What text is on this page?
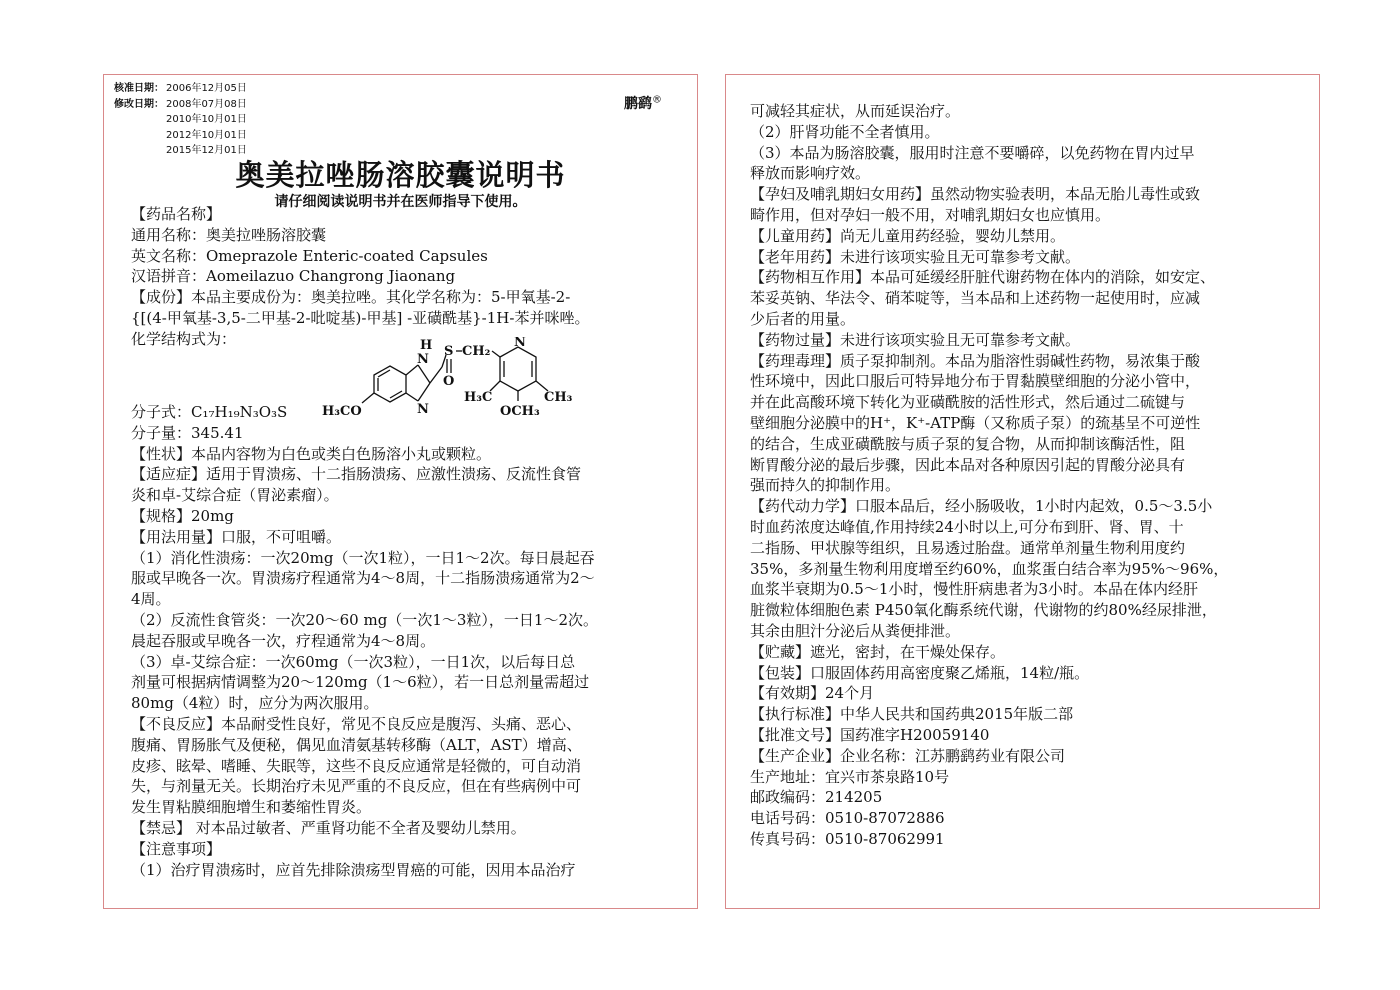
核准日期： 2006年12月05日
修改日期： 2008年07月08日
2010年10月01日
2012年10月01日
2015年12月01日
鹏鹞®
奥美拉唑肠溶胶囊说明书
请仔细阅读说明书并在医师指导下使用。
【药品名称】
通用名称：奥美拉唑肠溶胶囊
英文名称：Omeprazole Enteric-coated Capsules
汉语拼音：Aomeilazuo Changrong Jiaonang
【成份】本品主要成份为：奥美拉唑。其化学名称为：5-甲氧基-2-
{[(4-甲氧基-3,5-二甲基-2-吡啶基)-甲基] -亚磺酰基}-1H-苯并咪唑。
化学结构式为：	H
N
S CH₂
N
O
N
H₃C	CH₃
OCH₃
H₃CO
分子式：C₁₇H₁₉N₃O₃S
分子量：345.41
【性状】本品内容物为白色或类白色肠溶小丸或颗粒。
【适应症】适用于胃溃疡、十二指肠溃疡、应激性溃疡、反流性食管
炎和卓-艾综合症（胃泌素瘤）。
【规格】20mg
【用法用量】口服，不可咀嚼。
（1）消化性溃疡：一次20mg（一次1粒），一日1～2次。每日晨起吞
服或早晚各一次。胃溃疡疗程通常为4～8周，十二指肠溃疡通常为2～
4周。
（2）反流性食管炎：一次20～60 mg（一次1～3粒），一日1～2次。
晨起吞服或早晚各一次，疗程通常为4～8周。
（3）卓-艾综合症：一次60mg（一次3粒），一日1次，以后每日总
剂量可根据病情调整为20～120mg（1～6粒），若一日总剂量需超过
80mg（4粒）时，应分为两次服用。
【不良反应】本品耐受性良好，常见不良反应是腹泻、头痛、恶心、
腹痛、胃肠胀气及便秘，偶见血清氨基转移酶（ALT，AST）增高、
皮疹、眩晕、嗜睡、失眠等，这些不良反应通常是轻微的，可自动消
失，与剂量无关。长期治疗未见严重的不良反应，但在有些病例中可
发生胃粘膜细胞增生和萎缩性胃炎。
【禁忌】 对本品过敏者、严重肾功能不全者及婴幼儿禁用。
【注意事项】
（1）治疗胃溃疡时，应首先排除溃疡型胃癌的可能，因用本品治疗
可减轻其症状，从而延误治疗。
（2）肝肾功能不全者慎用。
（3）本品为肠溶胶囊，服用时注意不要嚼碎，以免药物在胃内过早
释放而影响疗效。
【孕妇及哺乳期妇女用药】虽然动物实验表明，本品无胎儿毒性或致
畸作用，但对孕妇一般不用，对哺乳期妇女也应慎用。
【儿童用药】尚无儿童用药经验，婴幼儿禁用。
【老年用药】未进行该项实验且无可靠参考文献。
【药物相互作用】本品可延缓经肝脏代谢药物在体内的消除，如安定、
苯妥英钠、华法令、硝苯啶等，当本品和上述药物一起使用时，应减
少后者的用量。
【药物过量】未进行该项实验且无可靠参考文献。
【药理毒理】质子泵抑制剂。本品为脂溶性弱碱性药物，易浓集于酸
性环境中，因此口服后可特异地分布于胃黏膜壁细胞的分泌小管中，
并在此高酸环境下转化为亚磺酰胺的活性形式，然后通过二硫键与
壁细胞分泌膜中的H⁺，K⁺-ATP酶（又称质子泵）的巯基呈不可逆性
的结合，生成亚磺酰胺与质子泵的复合物，从而抑制该酶活性，阻
断胃酸分泌的最后步骤，因此本品对各种原因引起的胃酸分泌具有
强而持久的抑制作用。
【药代动力学】口服本品后，经小肠吸收，1小时内起效，0.5～3.5小
时血药浓度达峰值,作用持续24小时以上,可分布到肝、肾、胃、十
二指肠、甲状腺等组织，且易透过胎盘。通常单剂量生物利用度约
35%，多剂量生物利用度增至约60%，血浆蛋白结合率为95%～96%，
血浆半衰期为0.5～1小时，慢性肝病患者为3小时。本品在体内经肝
脏微粒体细胞色素 P450氧化酶系统代谢，代谢物的约80%经尿排泄，
其余由胆汁分泌后从粪便排泄。
【贮藏】遮光，密封，在干燥处保存。
【包装】口服固体药用高密度聚乙烯瓶，14粒/瓶。
【有效期】24个月
【执行标准】中华人民共和国药典2015年版二部
【批准文号】国药准字H20059140
【生产企业】企业名称：江苏鹏鹞药业有限公司
生产地址：宜兴市茶泉路10号
邮政编码：214205
电话号码：0510-87072886
传真号码：0510-87062991
